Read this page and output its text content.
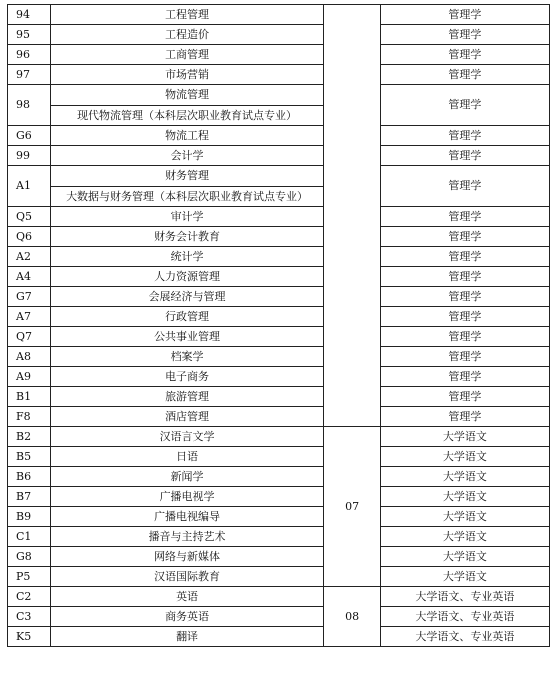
94	工程管理		管理学
95	工程造价		管理学
96	工商管理		管理学
97	市场营销		管理学
98	物流管理
现代物流管理（本科层次职业教育试点专业）		管理学
G6	物流工程		管理学
99	会计学		管理学
A1	财务管理
大数据与财务管理（本科层次职业教育试点专业）		管理学
Q5	审计学		管理学
Q6	财务会计教育		管理学
A2	统计学		管理学
A4	人力资源管理		管理学
G7	会展经济与管理		管理学
A7	行政管理		管理学
Q7	公共事业管理		管理学
A8	档案学		管理学
A9	电子商务		管理学
B1	旅游管理		管理学
F8	酒店管理		管理学
B2	汉语言文学	07	大学语文
B5	日语		大学语文
B6	新闻学		大学语文
B7	广播电视学		大学语文
B9	广播电视编导		大学语文
C1	播音与主持艺术		大学语文
G8	网络与新媒体		大学语文
P5	汉语国际教育		大学语文
C2	英语	08	大学语文、专业英语
C3	商务英语		大学语文、专业英语
K5	翻译		大学语文、专业英语
